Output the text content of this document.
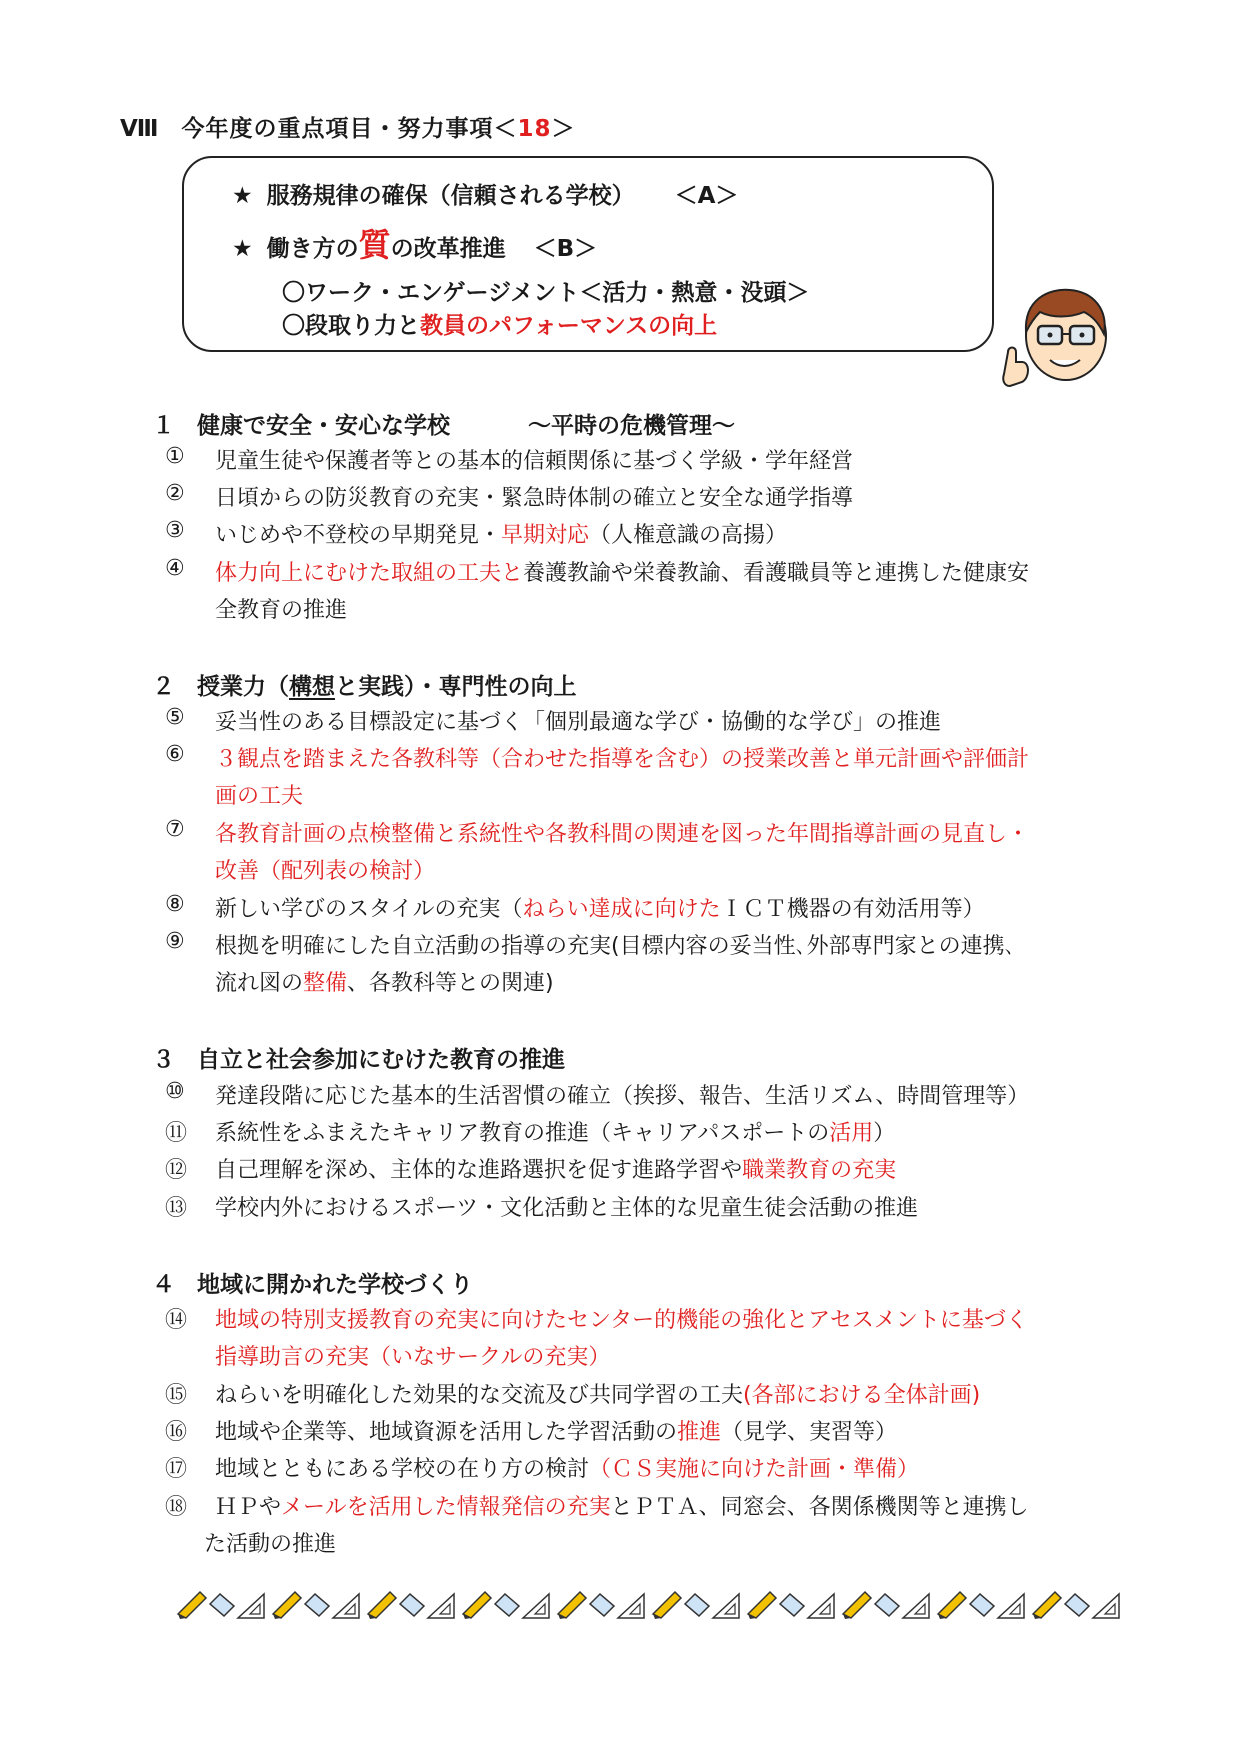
Ⅷ 今年度の重点項目・努力事項＜18＞
★ 服務規律の確保（信頼される学校） ＜A＞
★ 働き方の質の改革推進 ＜B＞
〇ワーク・エンゲージメント＜活力・熱意・没頭＞
〇段取り力と教員のパフォーマンスの向上
１ 健康で安全・安心な学校	～平時の危機管理～
① 児童生徒や保護者等との基本的信頼関係に基づく学級・学年経営
② 日頃からの防災教育の充実・緊急時体制の確立と安全な通学指導
③ いじめや不登校の早期発見・早期対応（人権意識の高揚）
④ 体力向上にむけた取組の工夫と養護教諭や栄養教諭、看護職員等と連携した健康安
全教育の推進
２ 授業力（構想と実践）・専門性の向上
⑤ 妥当性のある目標設定に基づく「個別最適な学び・協働的な学び」の推進
⑥ ３観点を踏まえた各教科等（合わせた指導を含む）の授業改善と単元計画や評価計
画の工夫
⑦ 各教育計画の点検整備と系統性や各教科間の関連を図った年間指導計画の見直し・
改善（配列表の検討）
⑧ 新しい学びのスタイルの充実（ねらい達成に向けたＩＣＴ機器の有効活用等）
⑨ 根拠を明確にした自立活動の指導の充実(目標内容の妥当性､外部専門家との連携､
流れ図の整備、各教科等との関連)
３ 自立と社会参加にむけた教育の推進
⑩ 発達段階に応じた基本的生活習慣の確立（挨拶、報告、生活リズム、時間管理等）
⑪ 系統性をふまえたキャリア教育の推進（キャリアパスポートの活用）
⑫ 自己理解を深め、主体的な進路選択を促す進路学習や職業教育の充実
⑬ 学校内外におけるスポーツ・文化活動と主体的な児童生徒会活動の推進
４ 地域に開かれた学校づくり
⑭ 地域の特別支援教育の充実に向けたセンター的機能の強化とアセスメントに基づく
指導助言の充実（いなサークルの充実）
⑮ ねらいを明確化した効果的な交流及び共同学習の工夫(各部における全体計画)
⑯ 地域や企業等、地域資源を活用した学習活動の推進（見学、実習等）
⑰ 地域とともにある学校の在り方の検討（ＣＳ実施に向けた計画・準備）
⑱ ＨＰやメールを活用した情報発信の充実とＰＴＡ、同窓会、各関係機関等と連携し
た活動の推進
